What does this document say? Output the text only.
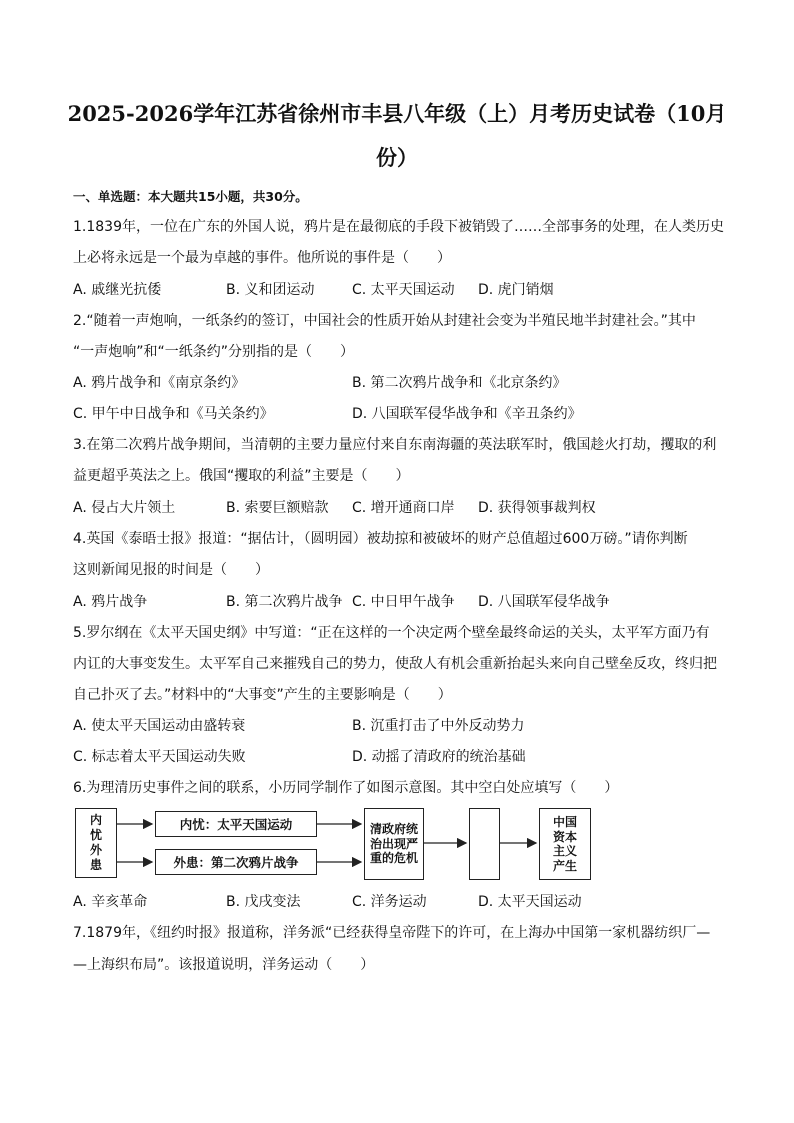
2025-2026学年江苏省徐州市丰县八年级（上）月考历史试卷（10月
份）
一、单选题：本大题共15小题，共30分。
1.1839年，一位在广东的外国人说，鸦片是在最彻底的手段下被销毁了……全部事务的处理，在人类历史
上必将永远是一个最为卓越的事件。他所说的事件是（　　）
A. 戚继光抗倭	B. 义和团运动	C. 太平天国运动 D. 虎门销烟
2.“随着一声炮响，一纸条约的签订，中国社会的性质开始从封建社会变为半殖民地半封建社会。”其中
“一声炮响”和“一纸条约”分别指的是（　　）
A. 鸦片战争和《南京条约》	B. 第二次鸦片战争和《北京条约》
C. 甲午中日战争和《马关条约》	D. 八国联军侵华战争和《辛丑条约》
3.在第二次鸦片战争期间，当清朝的主要力量应付来自东南海疆的英法联军时，俄国趁火打劫，攫取的利
益更超乎英法之上。俄国“攫取的利益”主要是（　　）
A. 侵占大片领土	B. 索要巨额赔款 C. 增开通商口岸 D. 获得领事裁判权
4.英国《泰晤士报》报道：“据估计，（圆明园）被劫掠和被破坏的财产总值超过600万磅。”请你判断
这则新闻见报的时间是（　　）
A. 鸦片战争	B. 第二次鸦片战争 C. 中日甲午战争 D. 八国联军侵华战争
5.罗尔纲在《太平天国史纲》中写道：“正在这样的一个决定两个壁垒最终命运的关头，太平军方面乃有
内讧的大事变发生。太平军自己来摧残自己的势力，使敌人有机会重新抬起头来向自己壁垒反攻，终归把
自己扑灭了去。”材料中的“大事变”产生的主要影响是（　　）
A. 使太平天国运动由盛转衰	B. 沉重打击了中外反动势力
C. 标志着太平天国运动失败	D. 动摇了清政府的统治基础
6.为理清历史事件之间的联系，小历同学制作了如图示意图。其中空白处应填写（　　）
内忧外患
内忧：太平天国运动
外患：第二次鸦片战争
清政府统治出现严重的危机
中国资本主义产生
A. 辛亥革命	B. 戊戌变法	C. 洋务运动	D. 太平天国运动
7.1879年，《纽约时报》报道称，洋务派“已经获得皇帝陛下的许可，在上海办中国第一家机器纺织厂—
—上海织布局”。该报道说明，洋务运动（　　）
